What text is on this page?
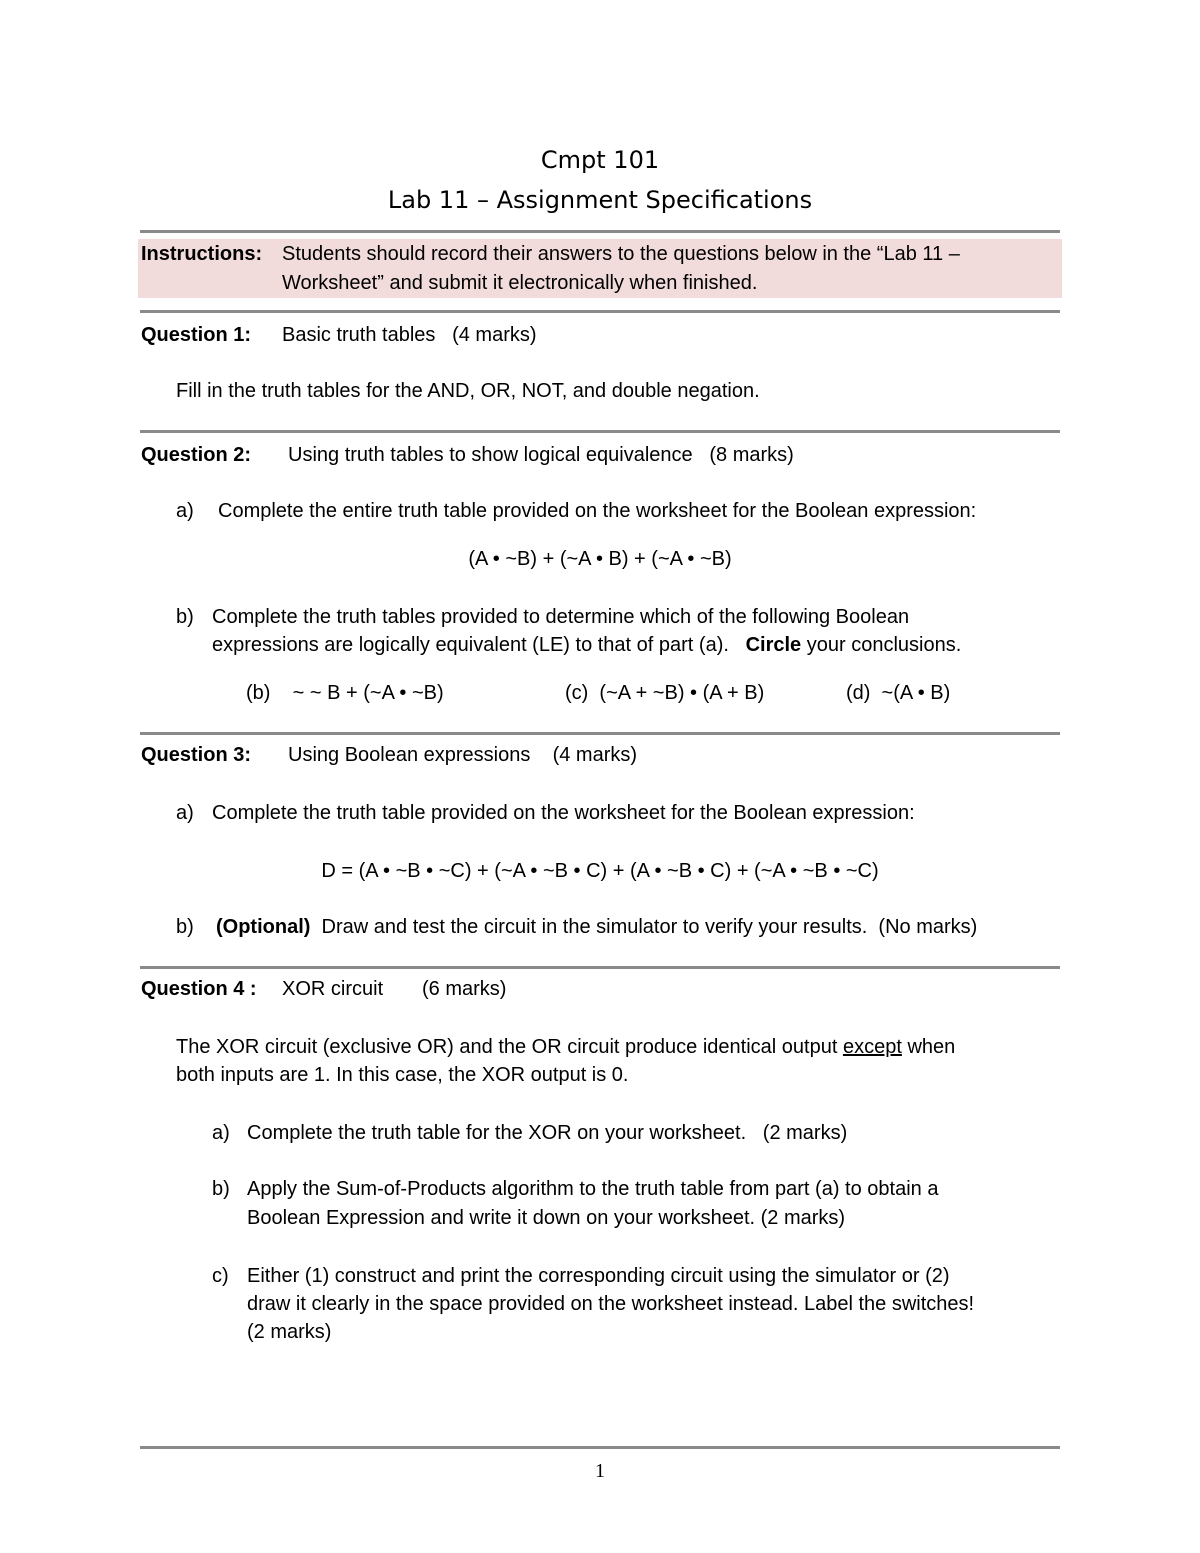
Cmpt 101
Lab 11 – Assignment Specifications
Instructions: Students should record their answers to the questions below in the “Lab 11 –
Worksheet” and submit it electronically when finished.
Question 1: Basic truth tables   (4 marks)
Fill in the truth tables for the AND, OR, NOT, and double negation.
Question 2: Using truth tables to show logical equivalence   (8 marks)
a) Complete the entire truth table provided on the worksheet for the Boolean expression:
(A • ~B) + (~A • B) + (~A • ~B)
b) Complete the truth tables provided to determine which of the following Boolean
expressions are logically equivalent (LE) to that of part (a).   Circle your conclusions.
(b)    ~ ~ B + (~A • ~B)	(c)  (~A + ~B) • (A + B)	(d)  ~(A • B)
Question 3: Using Boolean expressions    (4 marks)
a) Complete the truth table provided on the worksheet for the Boolean expression:
D = (A • ~B • ~C) + (~A • ~B • C) + (A • ~B • C) + (~A • ~B • ~C)
b) (Optional)  Draw and test the circuit in the simulator to verify your results.  (No marks)
Question 4 : XOR circuit       (6 marks)
The XOR circuit (exclusive OR) and the OR circuit produce identical output except when
both inputs are 1. In this case, the XOR output is 0.
a) Complete the truth table for the XOR on your worksheet.   (2 marks)
b) Apply the Sum-of-Products algorithm to the truth table from part (a) to obtain a
Boolean Expression and write it down on your worksheet. (2 marks)
c) Either (1) construct and print the corresponding circuit using the simulator or (2)
draw it clearly in the space provided on the worksheet instead. Label the switches!
(2 marks)
1
